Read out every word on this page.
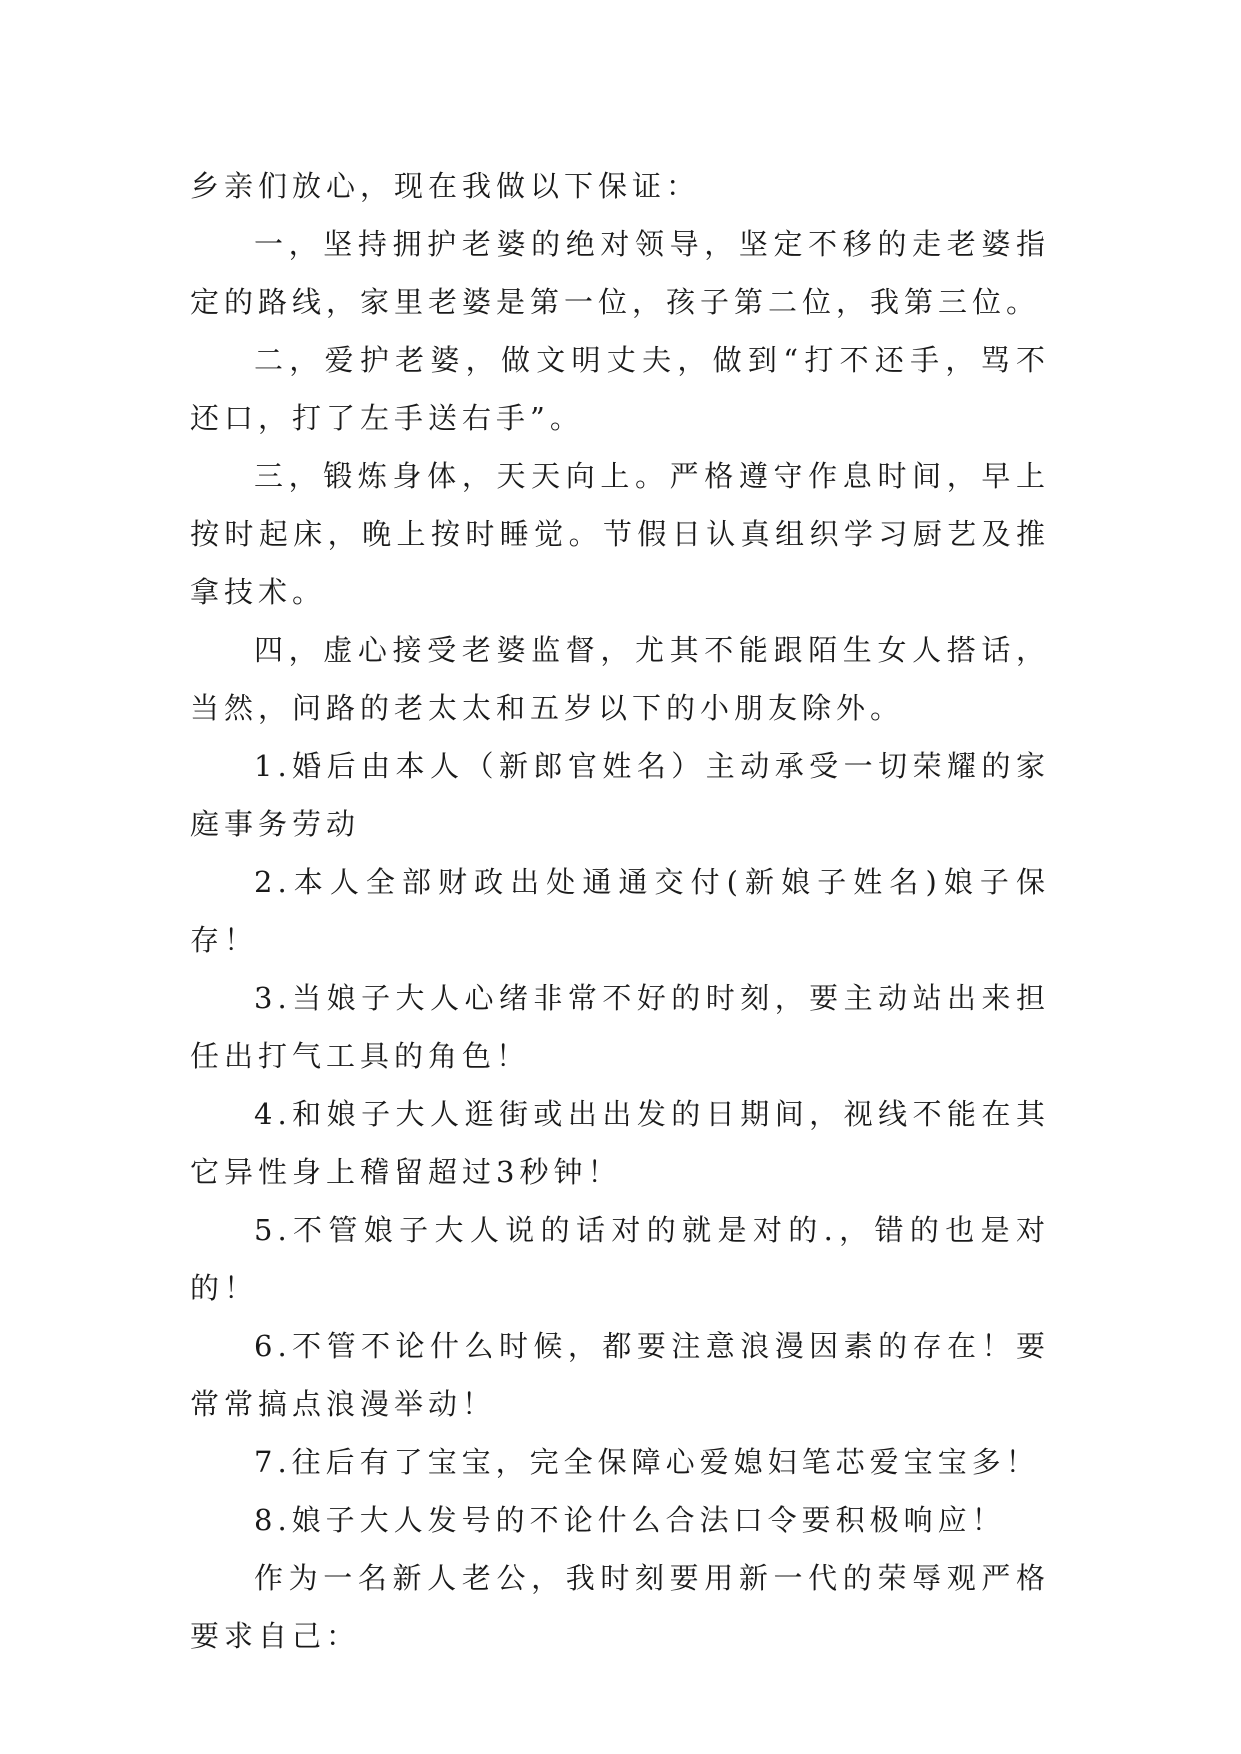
乡亲们放心，现在我做以下保证：

一，坚持拥护老婆的绝对领导，坚定不移的走老婆指定的路线，家里老婆是第一位，孩子第二位，我第三位。

二，爱护老婆，做文明丈夫，做到“打不还手，骂不还口，打了左手送右手”。

三，锻炼身体，天天向上。严格遵守作息时间，早上按时起床，晚上按时睡觉。节假日认真组织学习厨艺及推拿技术。

四，虚心接受老婆监督，尤其不能跟陌生女人搭话，当然，问路的老太太和五岁以下的小朋友除外。

1.婚后由本人（新郎官姓名）主动承受一切荣耀的家庭事务劳动

2.本人全部财政出处通通交付(新娘子姓名)娘子保存！

3.当娘子大人心绪非常不好的时刻，要主动站出来担任出打气工具的角色！

4.和娘子大人逛街或出出发的日期间，视线不能在其它异性身上稽留超过3秒钟！

5.不管娘子大人说的话对的就是对的.，错的也是对的！

6.不管不论什么时候，都要注意浪漫因素的存在！要常常搞点浪漫举动！

7.往后有了宝宝，完全保障心爱媳妇笔芯爱宝宝多！

8.娘子大人发号的不论什么合法口令要积极响应！

作为一名新人老公，我时刻要用新一代的荣辱观严格要求自己：
